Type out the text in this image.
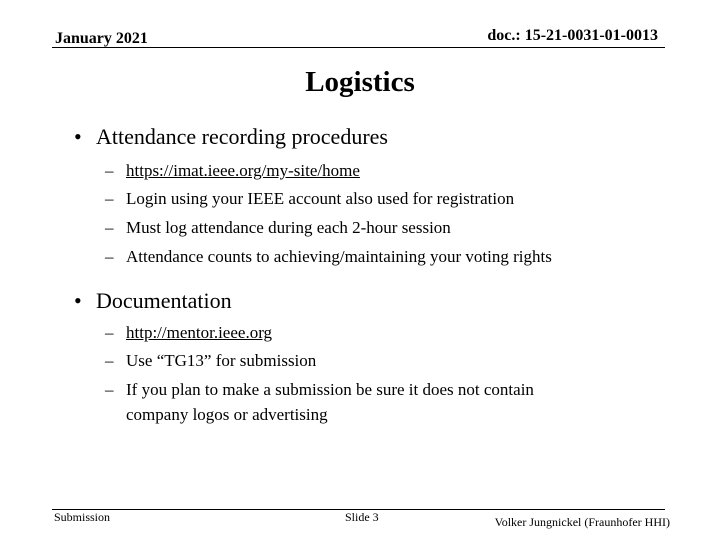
January 2021	doc.: 15-21-0031-01-0013
Logistics
• Attendance recording procedures
– https://imat.ieee.org/my-site/home
– Login using your IEEE account also used for registration
– Must log attendance during each 2-hour session
– Attendance counts to achieving/maintaining your voting rights
• Documentation
– http://mentor.ieee.org
– Use “TG13” for submission
– If you plan to make a submission be sure it does not contain
company logos or advertising
Submission	Slide 3	Volker Jungnickel (Fraunhofer HHI)
